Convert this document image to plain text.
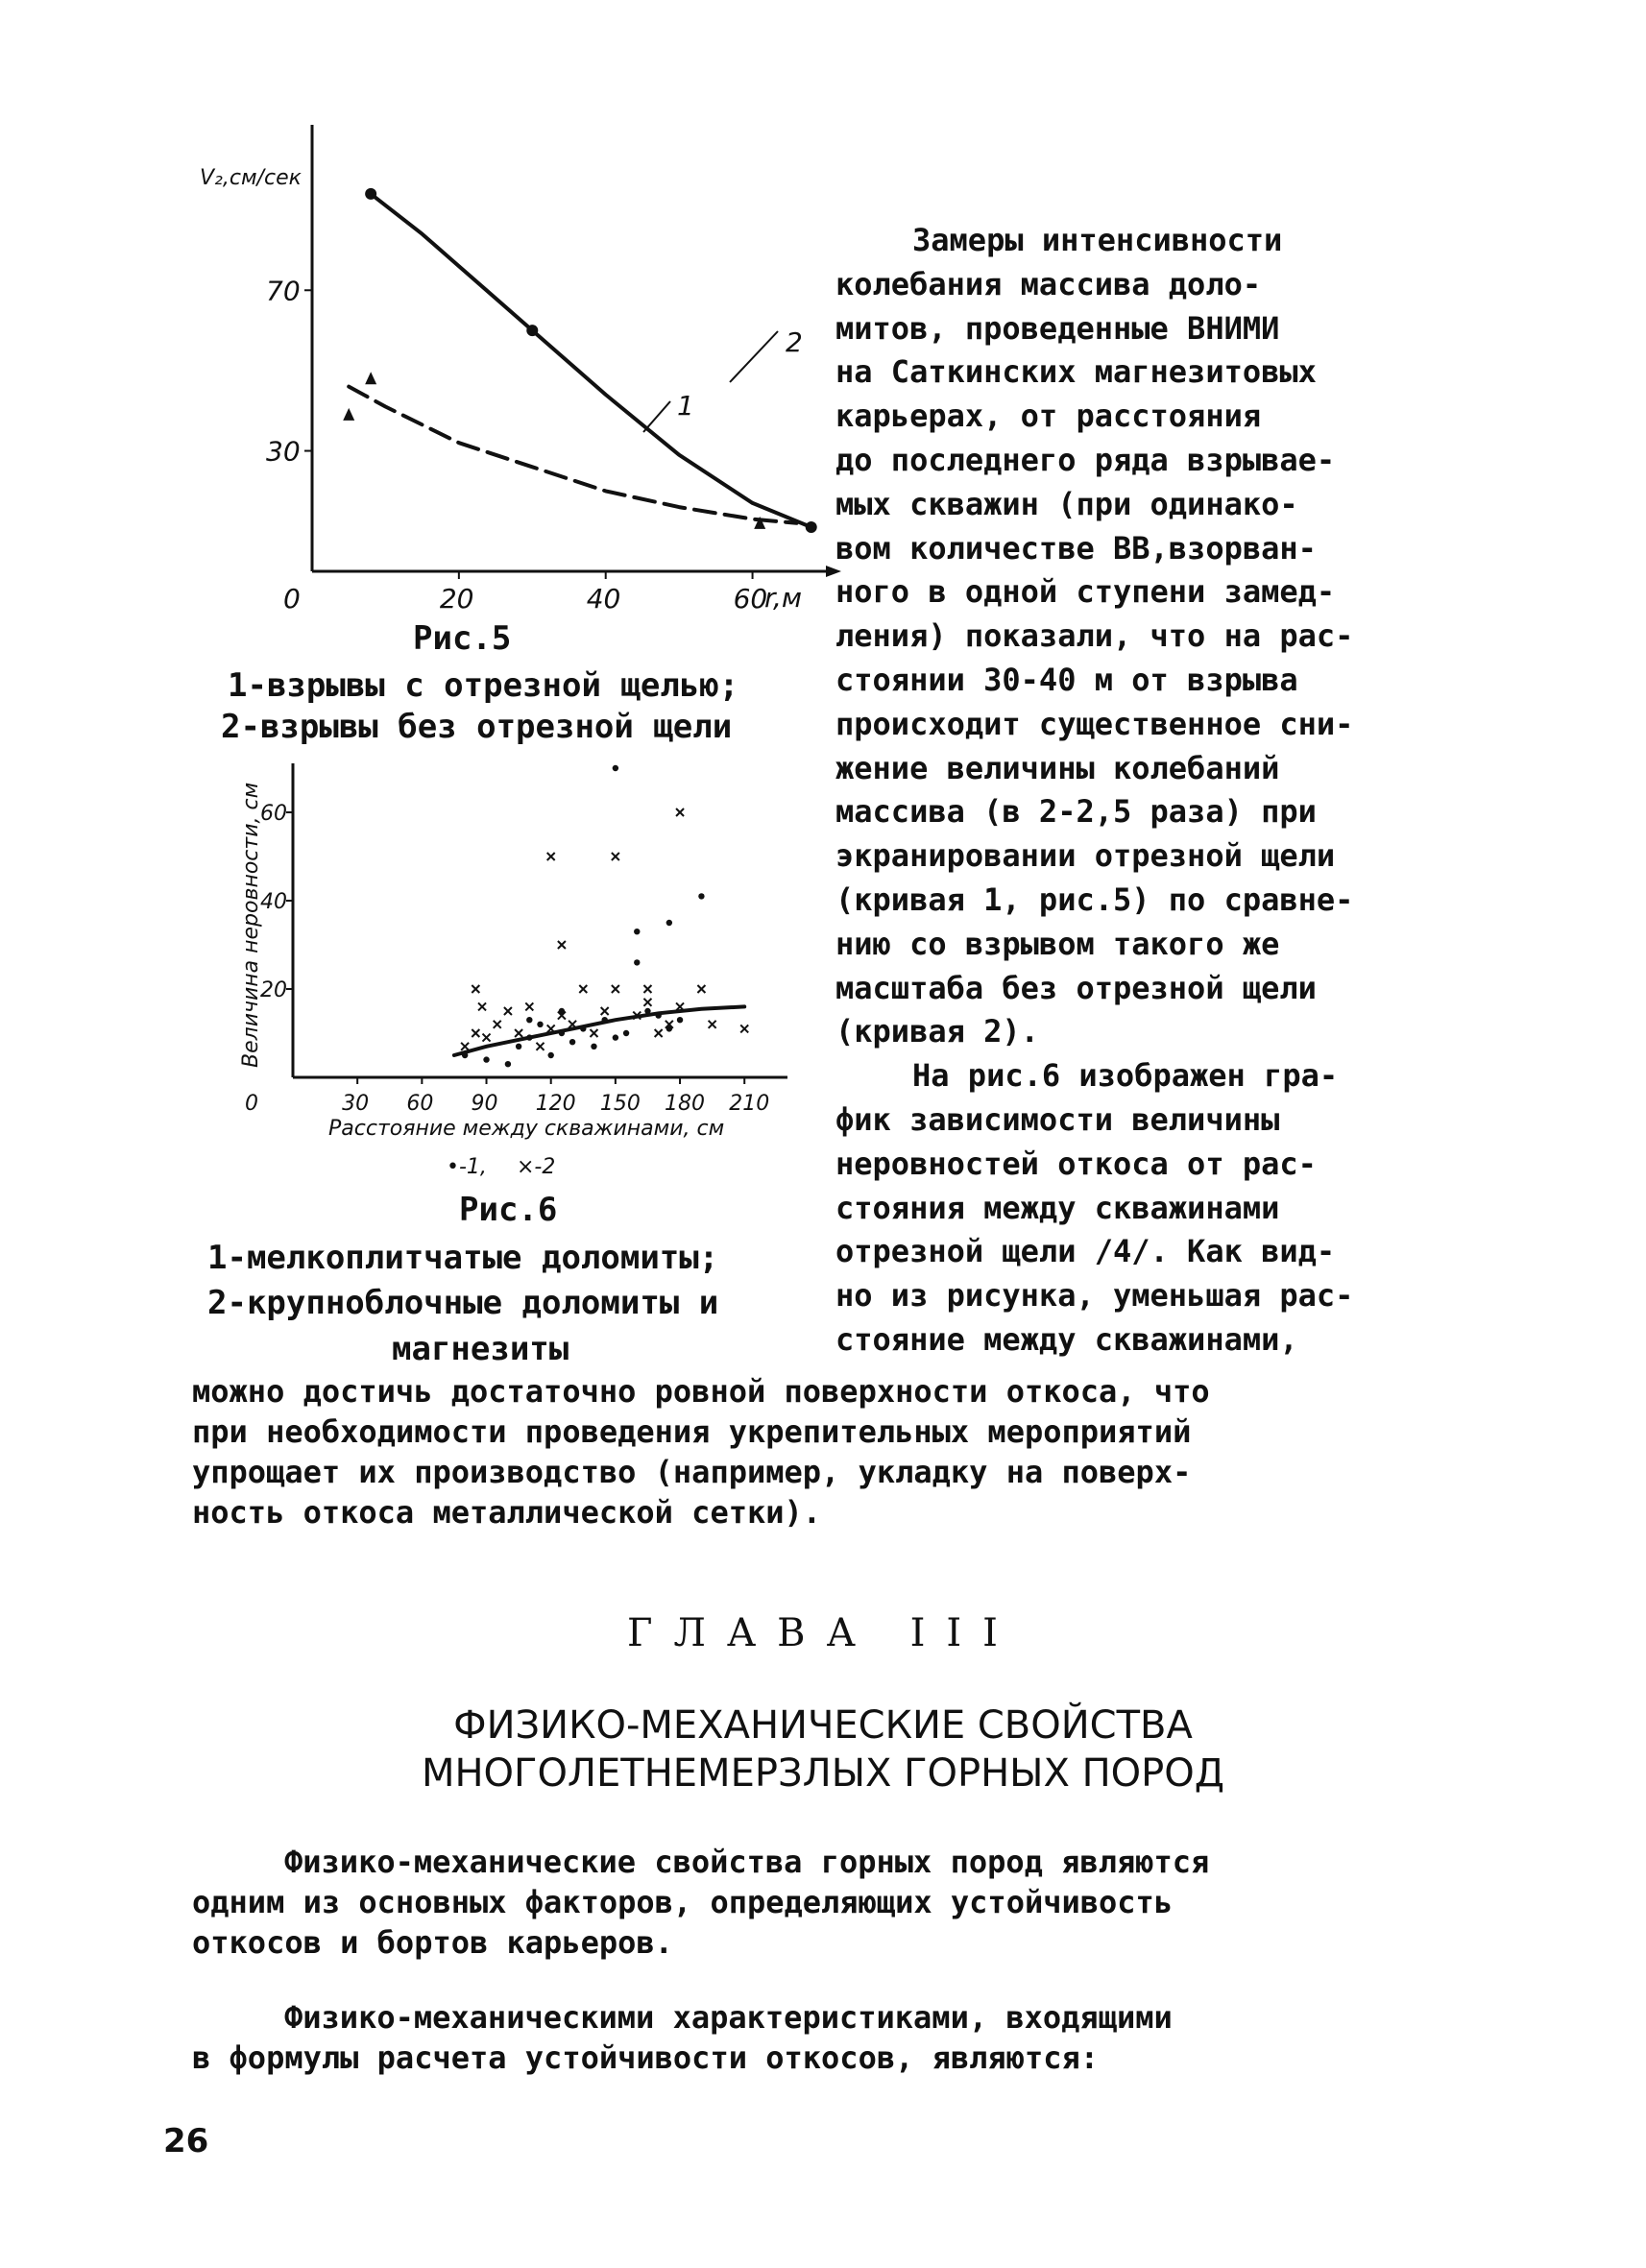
70
30
0	20	40	60
V₂,см/сек
r,м
1
2
Рис.5
1-взрывы с отрезной щелью;
2-взрывы без отрезной щели
60
40
20
0	30 60 90 120 150 180 210
Величина неровности, см
Расстояние между скважинами, см
•-1, ×-2
Рис.6
1-мелкоплитчатые доломиты;
2-крупноблочные доломиты и
магнезиты
Замеры интенсивности
колебания массива доло-
митов, проведенные ВНИМИ
на Саткинских магнезитовых
карьерах, от расстояния
до последнего ряда взрывае-
мых скважин (при одинако-
вом количестве ВВ,взорван-
ного в одной ступени замед-
ления) показали, что на рас-
стоянии 30-40 м от взрыва
происходит существенное сни-
жение величины колебаний
массива (в 2-2,5 раза) при
экранировании отрезной щели
(кривая 1, рис.5) по сравне-
нию со взрывом такого же
масштаба без отрезной щели
(кривая 2).
На рис.6 изображен гра-
фик зависимости величины
неровностей откоса от рас-
стояния между скважинами
отрезной щели /4/. Как вид-
но из рисунка, уменьшая рас-
стояние между скважинами,
можно достичь достаточно ровной поверхности откоса, что
при необходимости проведения укрепительных мероприятий
упрощает их производство (например, укладку на поверх-
ность откоса металлической сетки).
ГЛАВА III
ФИЗИКО-МЕХАНИЧЕСКИЕ СВОЙСТВА
МНОГОЛЕТНЕМЕРЗЛЫХ ГОРНЫХ ПОРОД
Физико-механические свойства горных пород являются
одним из основных факторов, определяющих устойчивость
откосов и бортов карьеров.
Физико-механическими характеристиками, входящими
в формулы расчета устойчивости откосов, являются:
26
